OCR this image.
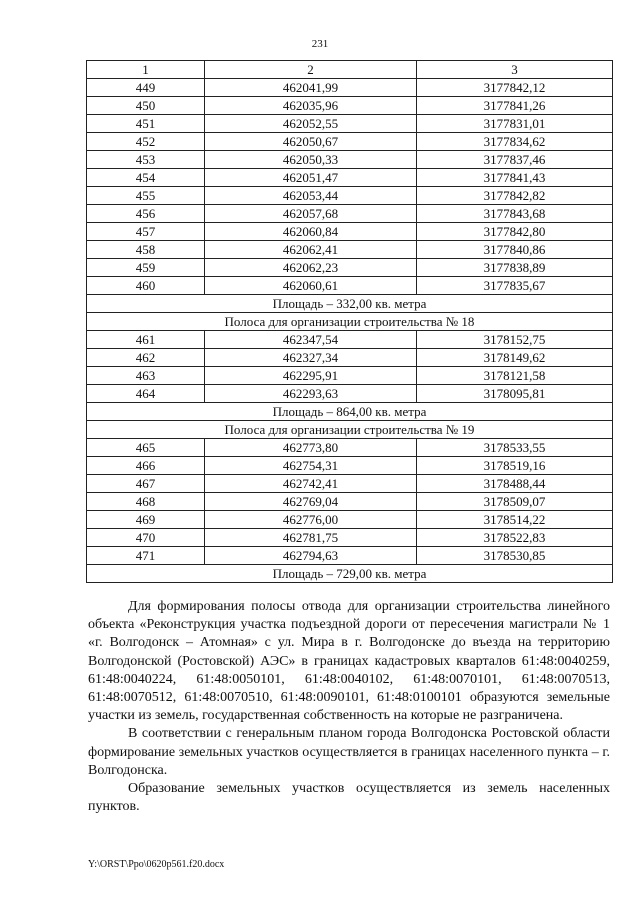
231
1	2	3
449	462041,99	3177842,12
450	462035,96	3177841,26
451	462052,55	3177831,01
452	462050,67	3177834,62
453	462050,33	3177837,46
454	462051,47	3177841,43
455	462053,44	3177842,82
456	462057,68	3177843,68
457	462060,84	3177842,80
458	462062,41	3177840,86
459	462062,23	3177838,89
460	462060,61	3177835,67
Площадь – 332,00 кв. метра		
Полоса для организации строительства № 18		
461	462347,54	3178152,75
462	462327,34	3178149,62
463	462295,91	3178121,58
464	462293,63	3178095,81
Площадь – 864,00 кв. метра		
Полоса для организации строительства № 19		
465	462773,80	3178533,55
466	462754,31	3178519,16
467	462742,41	3178488,44
468	462769,04	3178509,07
469	462776,00	3178514,22
470	462781,75	3178522,83
471	462794,63	3178530,85
Площадь – 729,00 кв. метра		

Для формирования полосы отвода для организации строительства линейного объекта «Реконструкция участка подъездной дороги от пересечения магистрали № 1 «г. Волгодонск – Атомная» с ул. Мира в г. Волгодонске до въезда на территорию Волгодонской (Ростовской) АЭС» в границах кадастровых кварталов 61:48:0040259, 61:48:0040224, 61:48:0050101, 61:48:0040102, 61:48:0070101, 61:48:0070513, 61:48:0070512, 61:48:0070510, 61:48:0090101, 61:48:0100101 образуются земельные участки из земель, государственная собственность на которые не разграничена.

В соответствии с генеральным планом города Волгодонска Ростовской области формирование земельных участков осуществляется в границах населенного пункта – г. Волгодонска.

Образование земельных участков осуществляется из земель населенных пунктов.

Y:\ORST\Ppo\0620p561.f20.docx
